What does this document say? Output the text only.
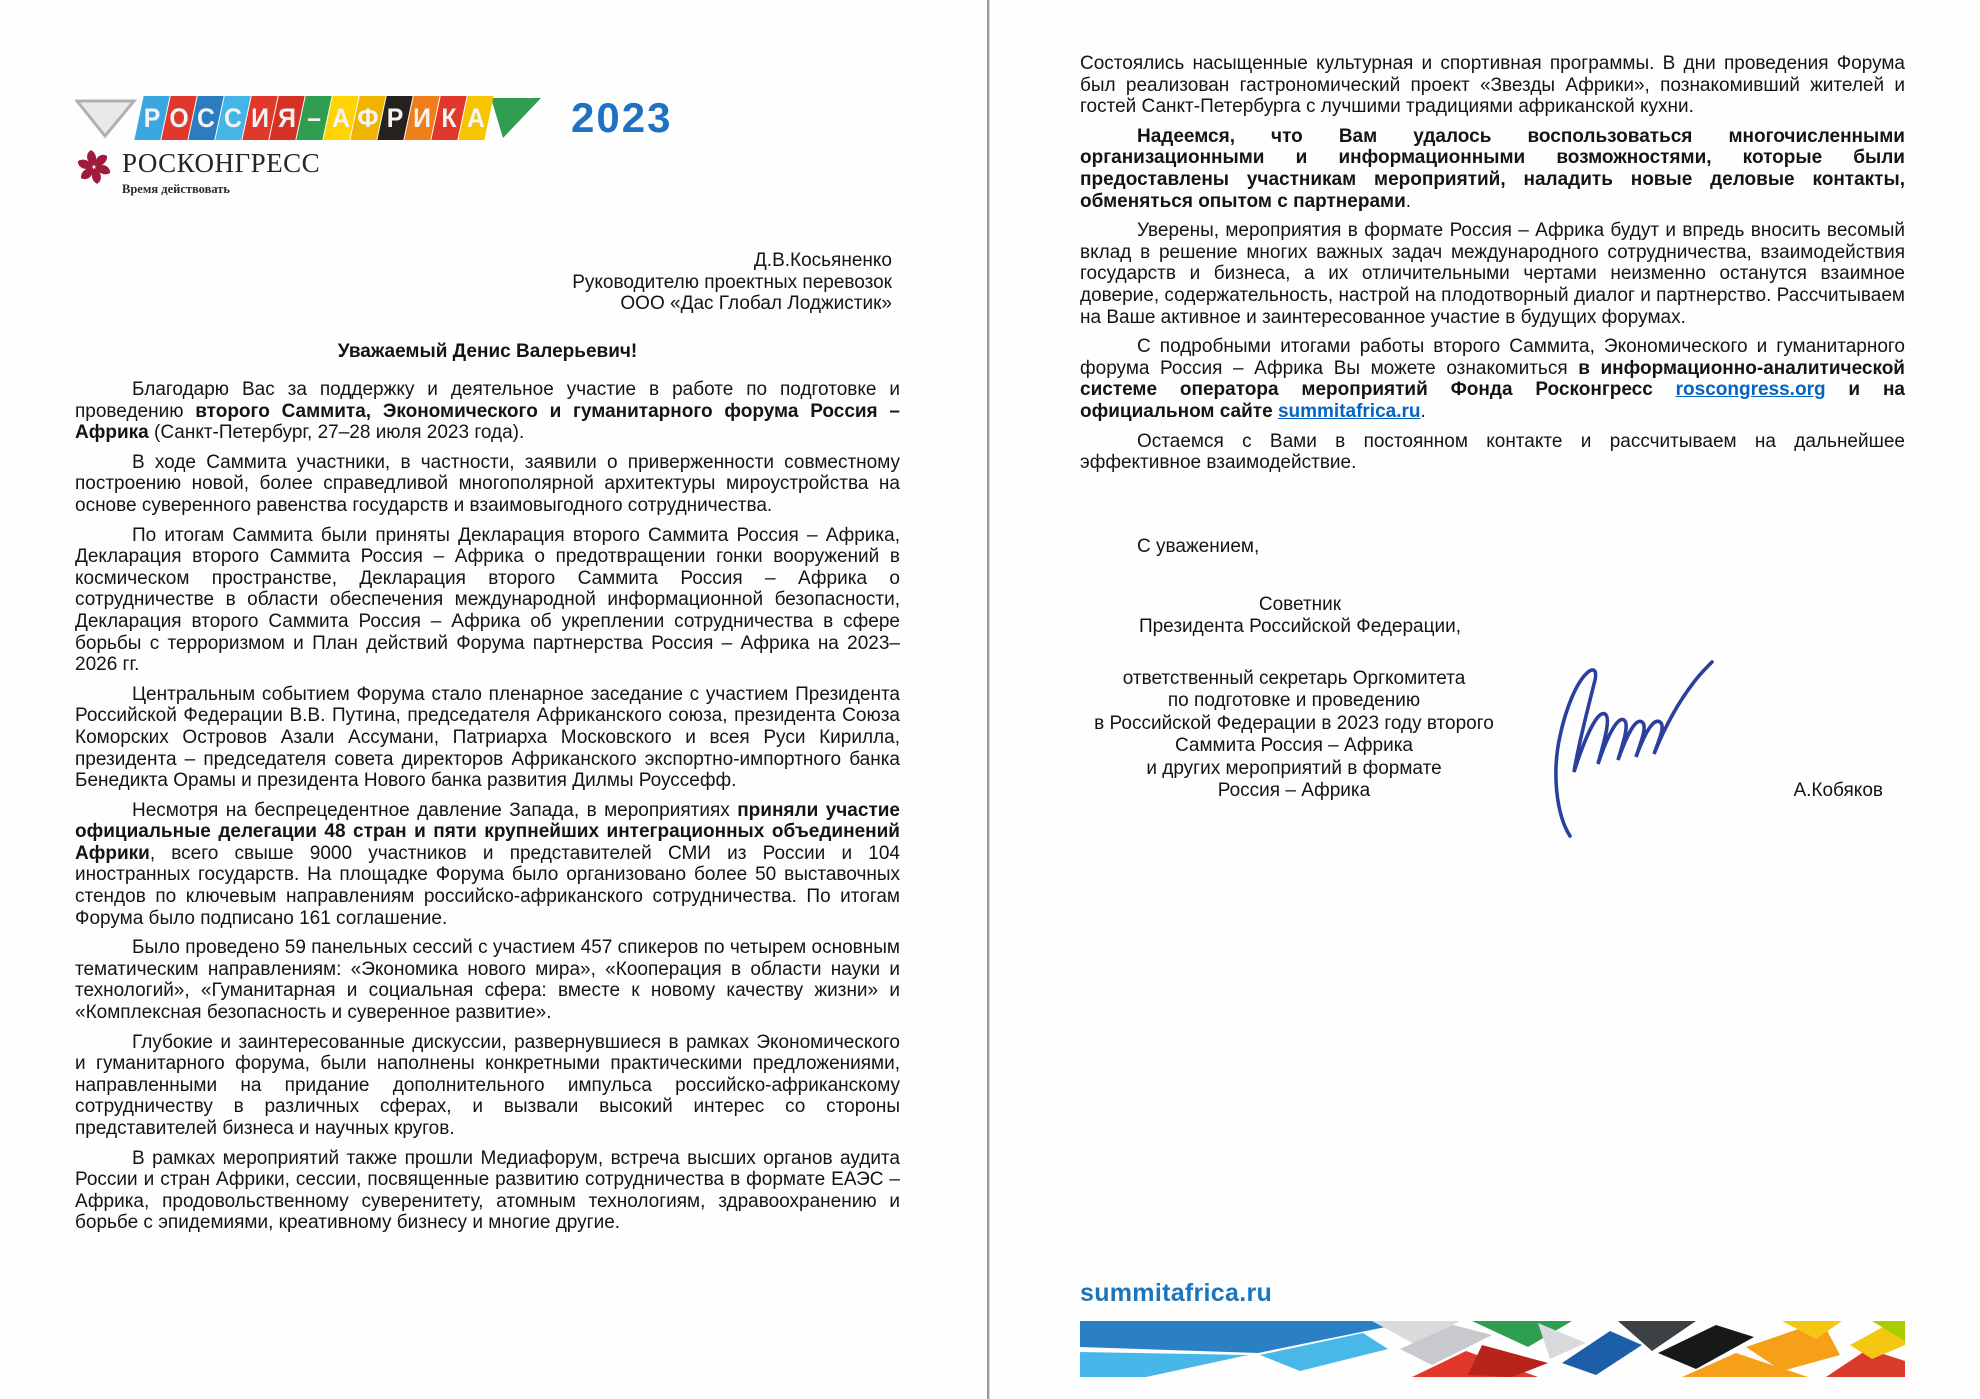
Р О С С И Я – А Ф Р И К А 2023
РОСКОНГРЕСС
Время действовать
Д.В.Косьяненко
Руководителю проектных перевозок
ООО «Дас Глобал Лоджистик»
Уважаемый Денис Валерьевич!

Благодарю Вас за поддержку и деятельное участие в работе по подготовке и проведению второго Саммита, Экономического и гуманитарного форума Россия – Африка (Санкт-Петербург, 27–28 июля 2023 года).

В ходе Саммита участники, в частности, заявили о приверженности совместному построению новой, более справедливой многополярной архитектуры мироустройства на основе суверенного равенства государств и взаимовыгодного сотрудничества.

По итогам Саммита были приняты Декларация второго Саммита Россия – Африка, Декларация второго Саммита Россия – Африка о предотвращении гонки вооружений в космическом пространстве, Декларация второго Саммита Россия – Африка о сотрудничестве в области обеспечения международной информационной безопасности, Декларация второго Саммита Россия – Африка об укреплении сотрудничества в сфере борьбы с терроризмом и План действий Форума партнерства Россия – Африка на 2023–2026 гг.

Центральным событием Форума стало пленарное заседание с участием Президента Российской Федерации В.В. Путина, председателя Африканского союза, президента Союза Коморских Островов Азали Ассумани, Патриарха Московского и всея Руси Кирилла, президента – председателя совета директоров Африканского экспортно-импортного банка Бенедикта Орамы и президента Нового банка развития Дилмы Роуссефф.

Несмотря на беспрецедентное давление Запада, в мероприятиях приняли участие официальные делегации 48 стран и пяти крупнейших интеграционных объединений Африки, всего свыше 9000 участников и представителей СМИ из России и 104 иностранных государств. На площадке Форума было организовано более 50 выставочных стендов по ключевым направлениям российско-африканского сотрудничества. По итогам Форума было подписано 161 соглашение.

Было проведено 59 панельных сессий с участием 457 спикеров по четырем основным тематическим направлениям: «Экономика нового мира», «Кооперация в области науки и технологий», «Гуманитарная и социальная сфера: вместе к новому качеству жизни» и «Комплексная безопасность и суверенное развитие».

Глубокие и заинтересованные дискуссии, развернувшиеся в рамках Экономического и гуманитарного форума, были наполнены конкретными практическими предложениями, направленными на придание дополнительного импульса российско-африканскому сотрудничеству в различных сферах, и вызвали высокий интерес со стороны представителей бизнеса и научных кругов.

В рамках мероприятий также прошли Медиафорум, встреча высших органов аудита России и стран Африки, сессии, посвященные развитию сотрудничества в формате ЕАЭС – Африка, продовольственному суверенитету, атомным технологиям, здравоохранению и борьбе с эпидемиями, креативному бизнесу и многие другие.

Состоялись насыщенные культурная и спортивная программы. В дни проведения Форума был реализован гастрономический проект «Звезды Африки», познакомивший жителей и гостей Санкт-Петербурга с лучшими традициями африканской кухни.

Надеемся, что Вам удалось воспользоваться многочисленными организационными и информационными возможностями, которые были предоставлены участникам мероприятий, наладить новые деловые контакты, обменяться опытом с партнерами.

Уверены, мероприятия в формате Россия – Африка будут и впредь вносить весомый вклад в решение многих важных задач международного сотрудничества, взаимодействия государств и бизнеса, а их отличительными чертами неизменно останутся взаимное доверие, содержательность, настрой на плодотворный диалог и партнерство. Рассчитываем на Ваше активное и заинтересованное участие в будущих форумах.

С подробными итогами работы второго Саммита, Экономического и гуманитарного форума Россия – Африка Вы можете ознакомиться в информационно-аналитической системе оператора мероприятий Фонда Росконгресс roscongress.org и на официальном сайте summitafrica.ru.

Остаемся с Вами в постоянном контакте и рассчитываем на дальнейшее эффективное взаимодействие.

С уважением,
Советник
Президента Российской Федерации,
ответственный секретарь Оргкомитета
по подготовке и проведению
в Российской Федерации в 2023 году второго
Саммита Россия – Африка
и других мероприятий в формате
Россия – Африка	А.Кобяков
summitafrica.ru
